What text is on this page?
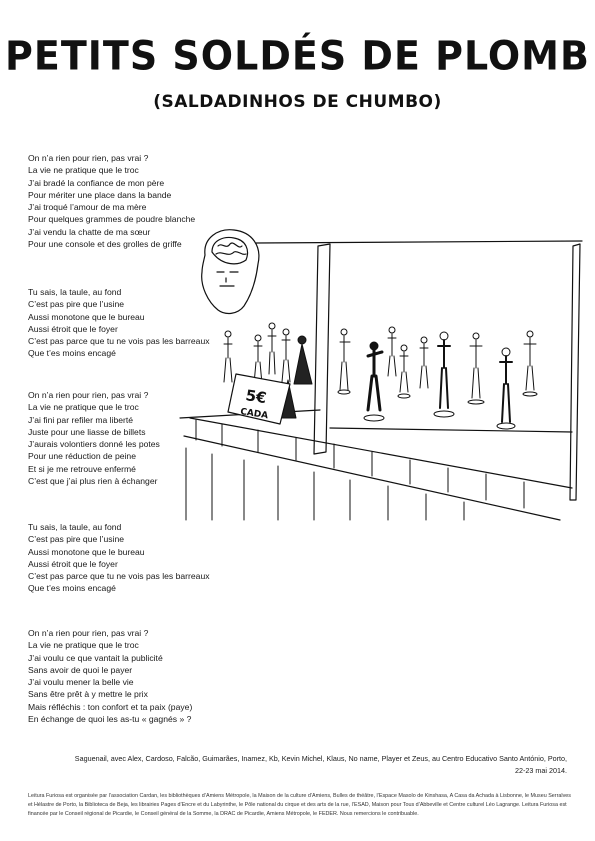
PETITS SOLDÉS DE PLOMB
(SALDADINHOS DE CHUMBO)
5€
CADA
On n’a rien pour rien, pas vrai ?
La vie ne pratique que le troc
J’ai bradé la confiance de mon père
Pour mériter une place dans la bande
J’ai troqué l’amour de ma mère
Pour quelques grammes de poudre blanche
J’ai vendu la chatte de ma sœur
Pour une console et des grolles de griffe
Tu sais, la taule, au fond
C’est pas pire que l’usine
Aussi monotone que le bureau
Aussi étroit que le foyer
C’est pas parce que tu ne vois pas les barreaux
Que t’es moins encagé
On n’a rien pour rien, pas vrai ?
La vie ne pratique que le troc
J’ai fini par refiler ma liberté
Juste pour une liasse de billets
J’aurais volontiers donné les potes
Pour une réduction de peine
Et si je me retrouve enfermé
C’est que j’ai plus rien à échanger
Tu sais, la taule, au fond
C’est pas pire que l’usine
Aussi monotone que le bureau
Aussi étroit que le foyer
C’est pas parce que tu ne vois pas les barreaux
Que t’es moins encagé
On n’a rien pour rien, pas vrai ?
La vie ne pratique que le troc
J’ai voulu ce que vantait la publicité
Sans avoir de quoi le payer
J’ai voulu mener la belle vie
Sans être prêt à y mettre le prix
Mais réfléchis : ton confort et ta paix (paye)
En échange de quoi les as-tu « gagnés » ?
Saguenail, avec Alex, Cardoso, Falcão, Guimarães, Inamez, Kb, Kevin Michel, Klaus, No name, Player et Zeus, au Centro Educativo Santo António, Porto,
22-23 mai 2014.
Leitura Furiosa est organisée par l’association Cardan, les bibliothèques d’Amiens Métropole, la Maison de la culture d’Amiens, Bulles de théâtre, l’Espace Masolo de Kinshasa, A Casa da Achada à Lisbonne, le Museu Serralves et Hélastre de Porto, la Biblioteca de Beja, les librairies Pages d’Encre et du Labyrinthe, le Pôle national du cirque et des arts de la rue, l’ESAD, Maison pour Tous d’Abbeville et Centre culturel Léo Lagrange. Leitura Furiosa est financée par le Conseil régional de Picardie, le Conseil général de la Somme, la DRAC de Picardie, Amiens Métropole, le FEDER. Nous remercions le contribuable.
